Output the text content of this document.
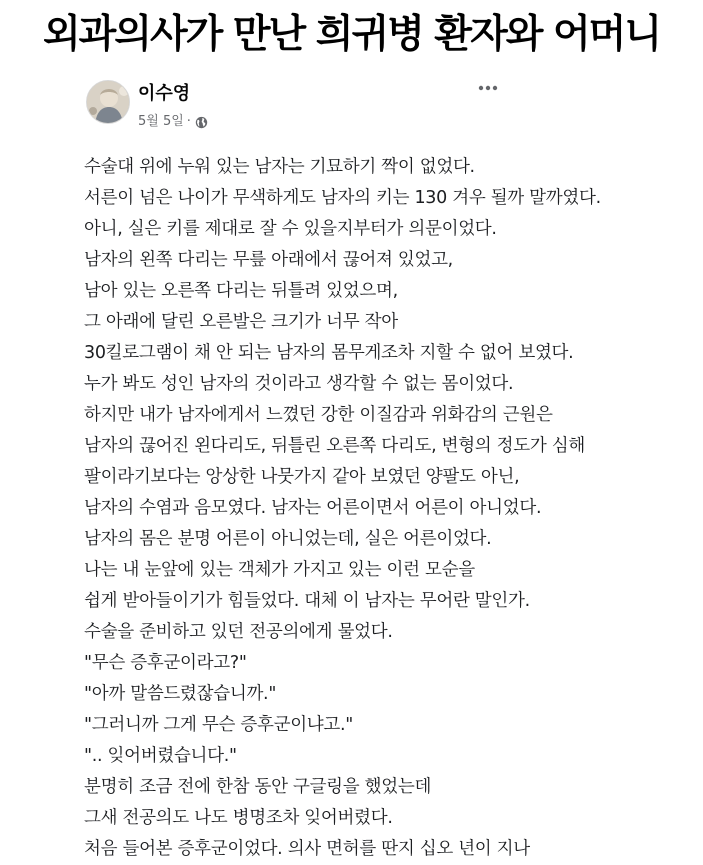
외과의사가 만난 희귀병 환자와 어머니
이수영
5월 5일 ·
수술대 위에 누워 있는 남자는 기묘하기 짝이 없었다.
서른이 넘은 나이가 무색하게도 남자의 키는 130 겨우 될까 말까였다.
아니, 실은 키를 제대로 잘 수 있을지부터가 의문이었다.
남자의 왼쪽 다리는 무릎 아래에서 끊어져 있었고,
남아 있는 오른쪽 다리는 뒤틀려 있었으며,
그 아래에 달린 오른발은 크기가 너무 작아
30킬로그램이 채 안 되는 남자의 몸무게조차 지할 수 없어 보였다.
누가 봐도 성인 남자의 것이라고 생각할 수 없는 몸이었다.
하지만 내가 남자에게서 느꼈던 강한 이질감과 위화감의 근원은
남자의 끊어진 왼다리도, 뒤틀린 오른쪽 다리도, 변형의 정도가 심해
팔이라기보다는 앙상한 나뭇가지 같아 보였던 양팔도 아닌,
남자의 수염과 음모였다. 남자는 어른이면서 어른이 아니었다.
남자의 몸은 분명 어른이 아니었는데, 실은 어른이었다.
나는 내 눈앞에 있는 객체가 가지고 있는 이런 모순을
쉽게 받아들이기가 힘들었다. 대체 이 남자는 무어란 말인가.
수술을 준비하고 있던 전공의에게 물었다.
"무슨 증후군이라고?"
"아까 말씀드렸잖습니까."
"그러니까 그게 무슨 증후군이냐고."
".. 잊어버렸습니다."
분명히 조금 전에 한참 동안 구글링을 했었는데
그새 전공의도 나도 병명조차 잊어버렸다.
처음 들어본 증후군이었다. 의사 면허를 딴지 십오 년이 지나
